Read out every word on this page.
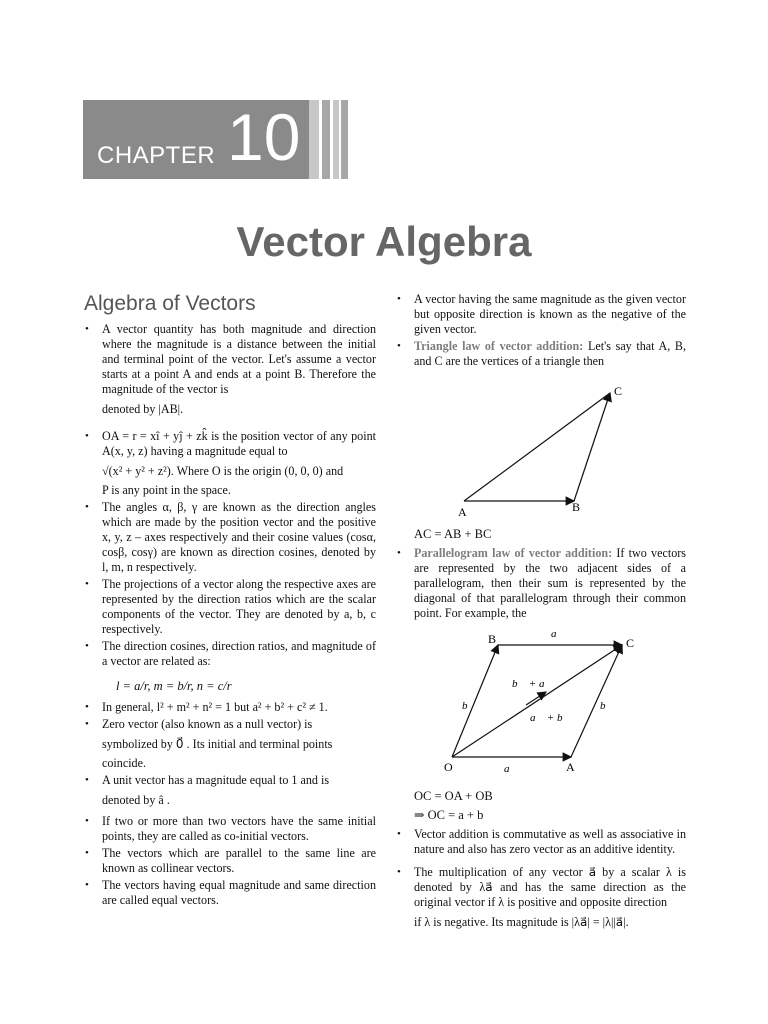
CHAPTER 10
Vector Algebra
Algebra of Vectors
• A vector quantity has both magnitude and direction where the magnitude is a distance between the initial and terminal point of the vector. Let's assume a vector starts at a point A and ends at a point B. Therefore the magnitude of the vector is
denoted by |AB|.
• OA = r = xî + yĵ + zk̂ is the position vector of any point A(x, y, z) having a magnitude equal to
√(x² + y² + z²). Where O is the origin (0, 0, 0) and
P is any point in the space.
• The angles α, β, γ are known as the direction angles which are made by the position vector and the positive x, y, z – axes respectively and their cosine values (cosα, cosβ, cosγ) are known as direction cosines, denoted by l, m, n respectively.
• The projections of a vector along the respective axes are represented by the direction ratios which are the scalar components of the vector. They are denoted by a, b, c respectively.
• The direction cosines, direction ratios, and magnitude of a vector are related as:
l = a/r, m = b/r, n = c/r
• In general, l² + m² + n² = 1 but a² + b² + c² ≠ 1.
• Zero vector (also known as a null vector) is
symbolized by 0⃗ . Its initial and terminal points
coincide.
• A unit vector has a magnitude equal to 1 and is
denoted by â .
• If two or more than two vectors have the same initial points, they are called as co-initial vectors.
• The vectors which are parallel to the same line are known as collinear vectors.
• The vectors having equal magnitude and same direction are called equal vectors.
• A vector having the same magnitude as the given vector but opposite direction is known as the negative of the given vector.
• Triangle law of vector addition: Let's say that A, B, and C are the vertices of a triangle then
A	B
C
AC = AB + BC
• Parallelogram law of vector addition: If two vectors are represented by the two adjacent sides of a parallelogram, then their sum is represented by the diagonal of that parallelogram through their common point. For example, the
O	A
B	C
a⃗
a⃗
b⃗	b⃗
b⃗ + a⃗
a⃗ + b⃗
OC = OA + OB
⇒ OC = a + b
• Vector addition is commutative as well as associative in nature and also has zero vector as an additive identity.
• The multiplication of any vector a⃗ by a scalar λ is denoted by λa⃗ and has the same direction as the original vector if λ is positive and opposite direction
if λ is negative. Its magnitude is |λa⃗| = |λ||a⃗|.
